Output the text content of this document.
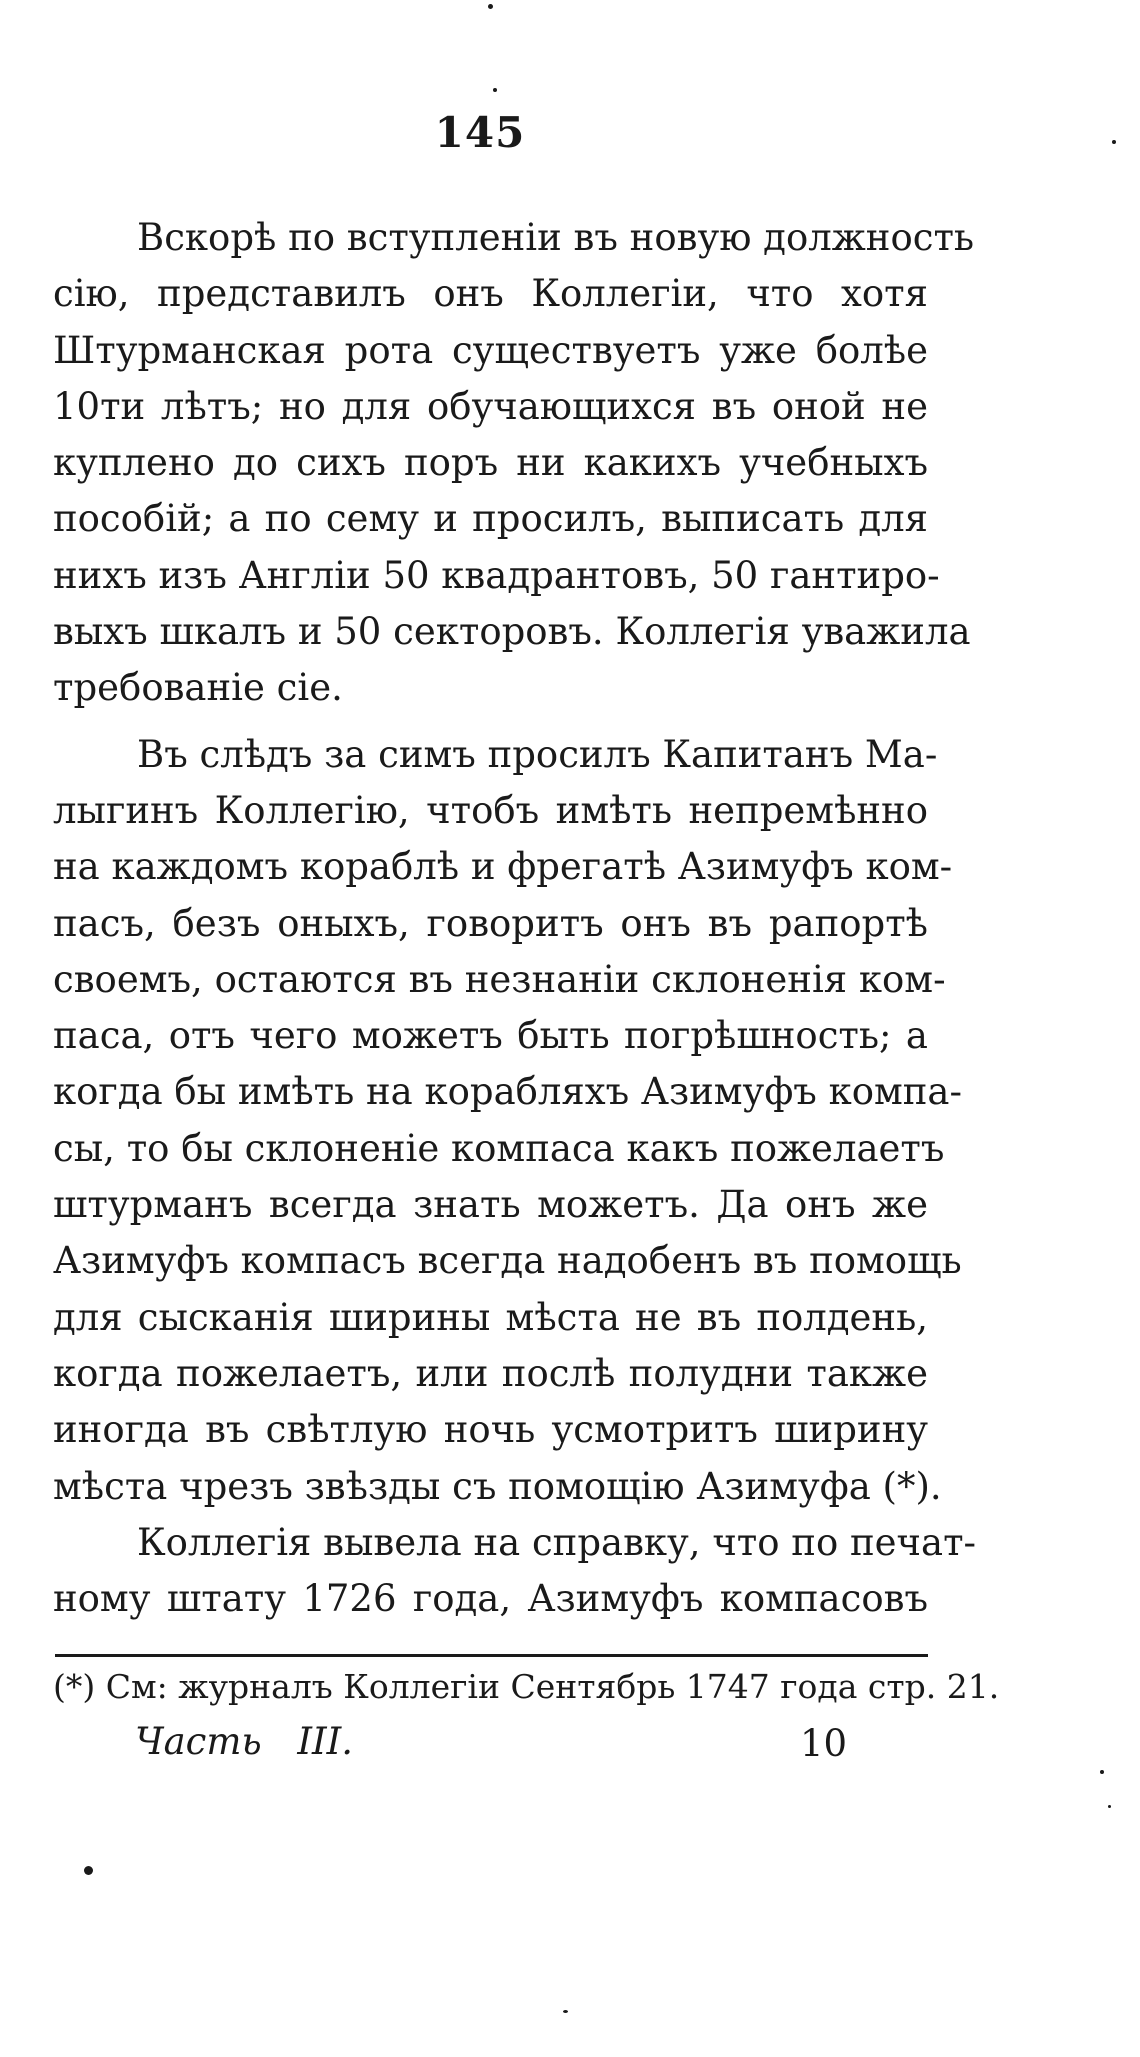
145
Вскорѣ по вступленіи въ новую должность
сію, представилъ онъ Коллегіи, что хотя
Штурманская рота существуетъ уже болѣе
10ти лѣтъ; но для обучающихся въ оной не
куплено до сихъ поръ ни какихъ учебныхъ
пособій; а по сему и просилъ, выписать для
нихъ изъ Англіи 50 квадрантовъ, 50 гантиро-
выхъ шкалъ и 50 секторовъ. Коллегія уважила
требованіе сіе.
Въ слѣдъ за симъ просилъ Капитанъ Ма-
лыгинъ Коллегію, чтобъ имѣть непремѣнно
на каждомъ кораблѣ и фрегатѣ Азимуфъ ком-
пасъ, безъ оныхъ, говоритъ онъ въ рапортѣ
своемъ, остаются въ незнаніи склоненія ком-
паса, отъ чего можетъ быть погрѣшность; а
когда бы имѣть на корабляхъ Азимуфъ компа-
сы, то бы склоненіе компаса какъ пожелаетъ
штурманъ всегда знать можетъ. Да онъ же
Азимуфъ компасъ всегда надобенъ въ помощь
для сысканія ширины мѣста не въ полдень,
когда пожелаетъ, или послѣ полудни также
иногда въ свѣтлую ночь усмотритъ ширину
мѣста чрезъ звѣзды съ помощію Азимуфа (*).
Коллегія вывела на справку, что по печат-
ному штату 1726 года, Азимуфъ компасовъ
(*) См: журналъ Коллегіи Сентябрь 1747 года стр. 21.
Часть III.	10
